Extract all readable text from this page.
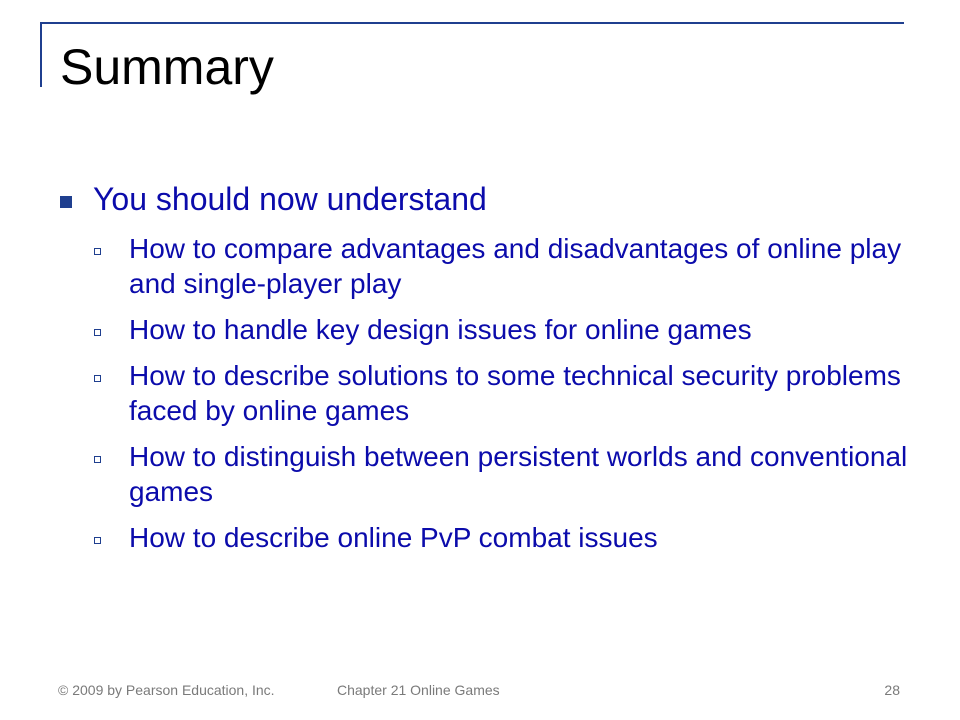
Summary
You should now understand
How to compare advantages and disadvantages of online play and single-player play
How to handle key design issues for online games
How to describe solutions to some technical security problems faced by online games
How to distinguish between persistent worlds and conventional games
How to describe online PvP combat issues
© 2009 by Pearson Education, Inc.	Chapter 21 Online Games	28
